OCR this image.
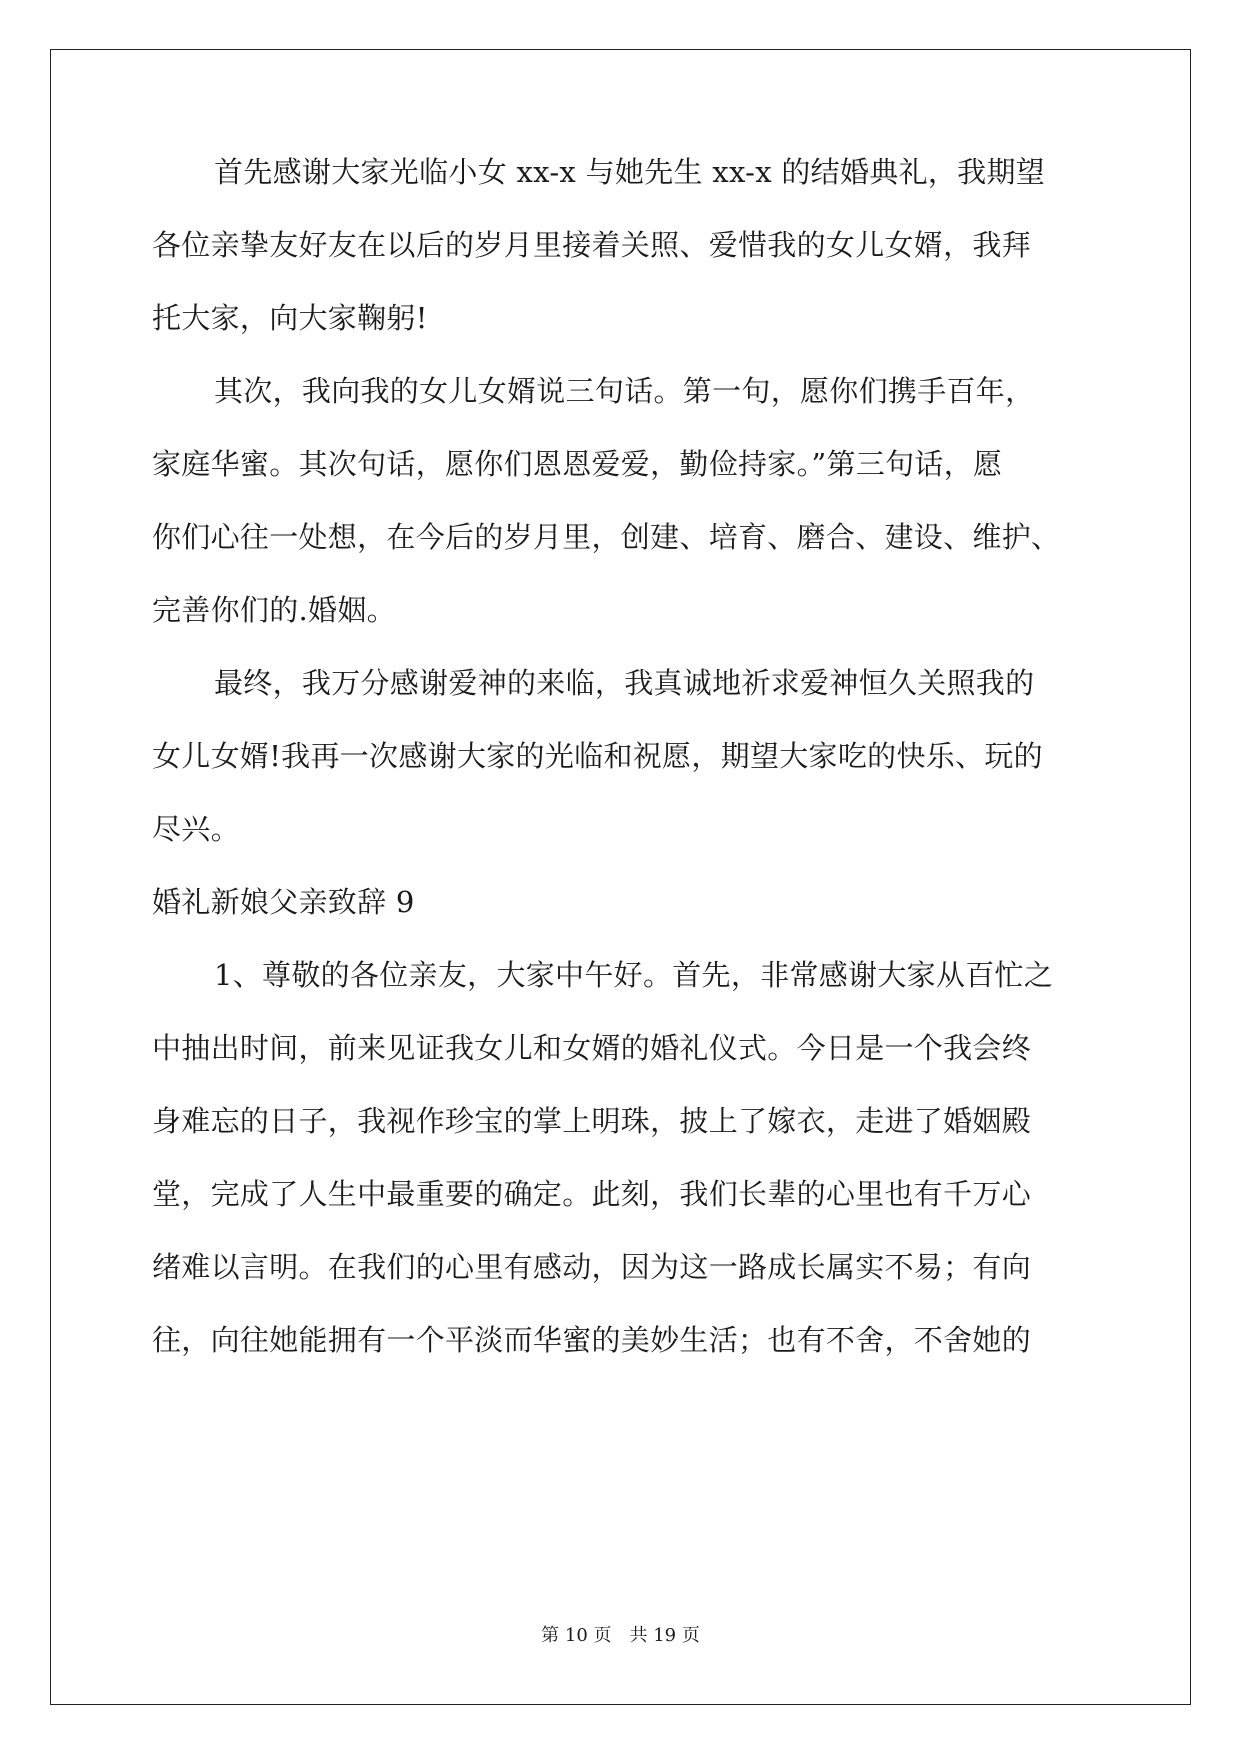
首先感谢大家光临小女 xx-x 与她先生 xx-x 的结婚典礼，我期望
各位亲挚友好友在以后的岁月里接着关照、爱惜我的女儿女婿，我拜
托大家，向大家鞠躬!
其次，我向我的女儿女婿说三句话。第一句，愿你们携手百年，
家庭华蜜。其次句话，愿你们恩恩爱爱，勤俭持家。”第三句话，愿
你们心往一处想，在今后的岁月里，创建、培育、磨合、建设、维护、
完善你们的.婚姻。
最终，我万分感谢爱神的来临，我真诚地祈求爱神恒久关照我的
女儿女婿!我再一次感谢大家的光临和祝愿，期望大家吃的快乐、玩的
尽兴。
婚礼新娘父亲致辞 9
1、尊敬的各位亲友，大家中午好。首先，非常感谢大家从百忙之
中抽出时间，前来见证我女儿和女婿的婚礼仪式。今日是一个我会终
身难忘的日子，我视作珍宝的掌上明珠，披上了嫁衣，走进了婚姻殿
堂，完成了人生中最重要的确定。此刻，我们长辈的心里也有千万心
绪难以言明。在我们的心里有感动，因为这一路成长属实不易；有向
往，向往她能拥有一个平淡而华蜜的美妙生活；也有不舍，不舍她的
第 10 页　共 19 页
